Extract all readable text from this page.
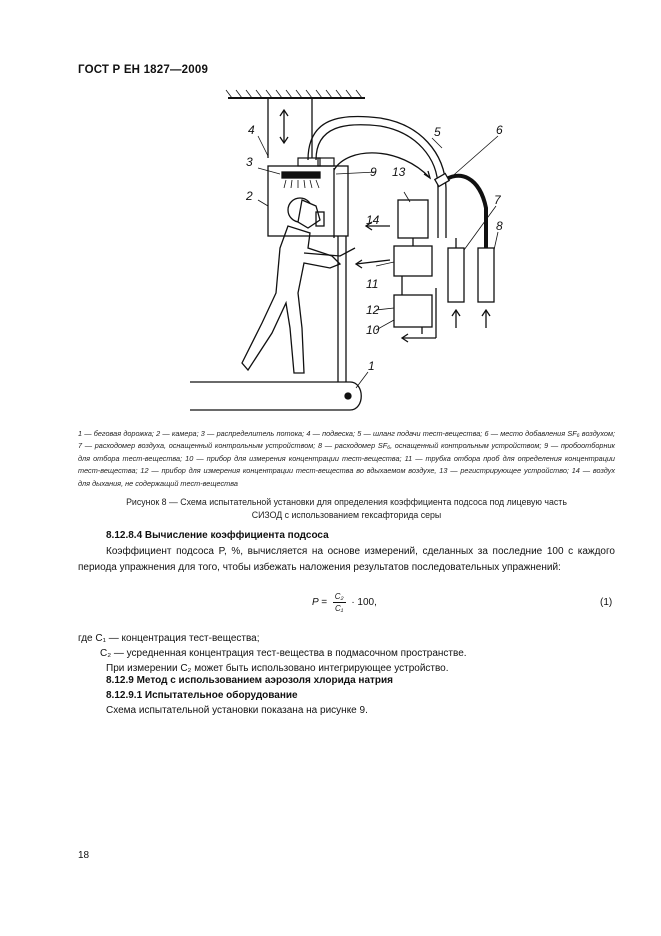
ГОСТ Р ЕН 1827—2009
1
2
3
4	5	6
7
8
9
10
11
12
13
14
1 — беговая дорожка; 2 — камера; 3 — распределитель потока; 4 — подвеска; 5 — шланг подачи тест-вещества; 6 — место добавления SF₆ воздухом; 7 — расходомер воздуха, оснащенный контрольным устройством; 8 — расходомер SF₆, оснащенный контрольным устройством; 9 — пробоотборник для отбора тест-вещества; 10 — прибор для измерения концентрации тест-вещества; 11 — трубка отбора проб для определения концентрации тест-вещества; 12 — прибор для измерения концентрации тест-вещества во вдыхаемом воздухе, 13 — регистрирующее устройство; 14 — воздух для дыхания, не содержащий тест-вещества
Рисунок 8 — Схема испытательной установки для определения коэффициента подсоса под лицевую часть
СИЗОД с использованием гексафторида серы
8.12.8.4 Вычисление коэффициента подсоса
Коэффициент подсоса P, %, вычисляется на основе измерений, сделанных за последние 100 с каждого периода упражнения для того, чтобы избежать наложения результатов последовательных упражнений:
$P = \frac{\text{C₂}}{\text{C₁}} \cdot 100$,	(1)
где C₁ — концентрация тест-вещества;
C₂ — усредненная концентрация тест-вещества в подмасочном пространстве.
При измерении C₂ может быть использовано интегрирующее устройство.
8.12.9 Метод с использованием аэрозоля хлорида натрия
8.12.9.1 Испытательное оборудование
Схема испытательной установки показана на рисунке 9.
18
